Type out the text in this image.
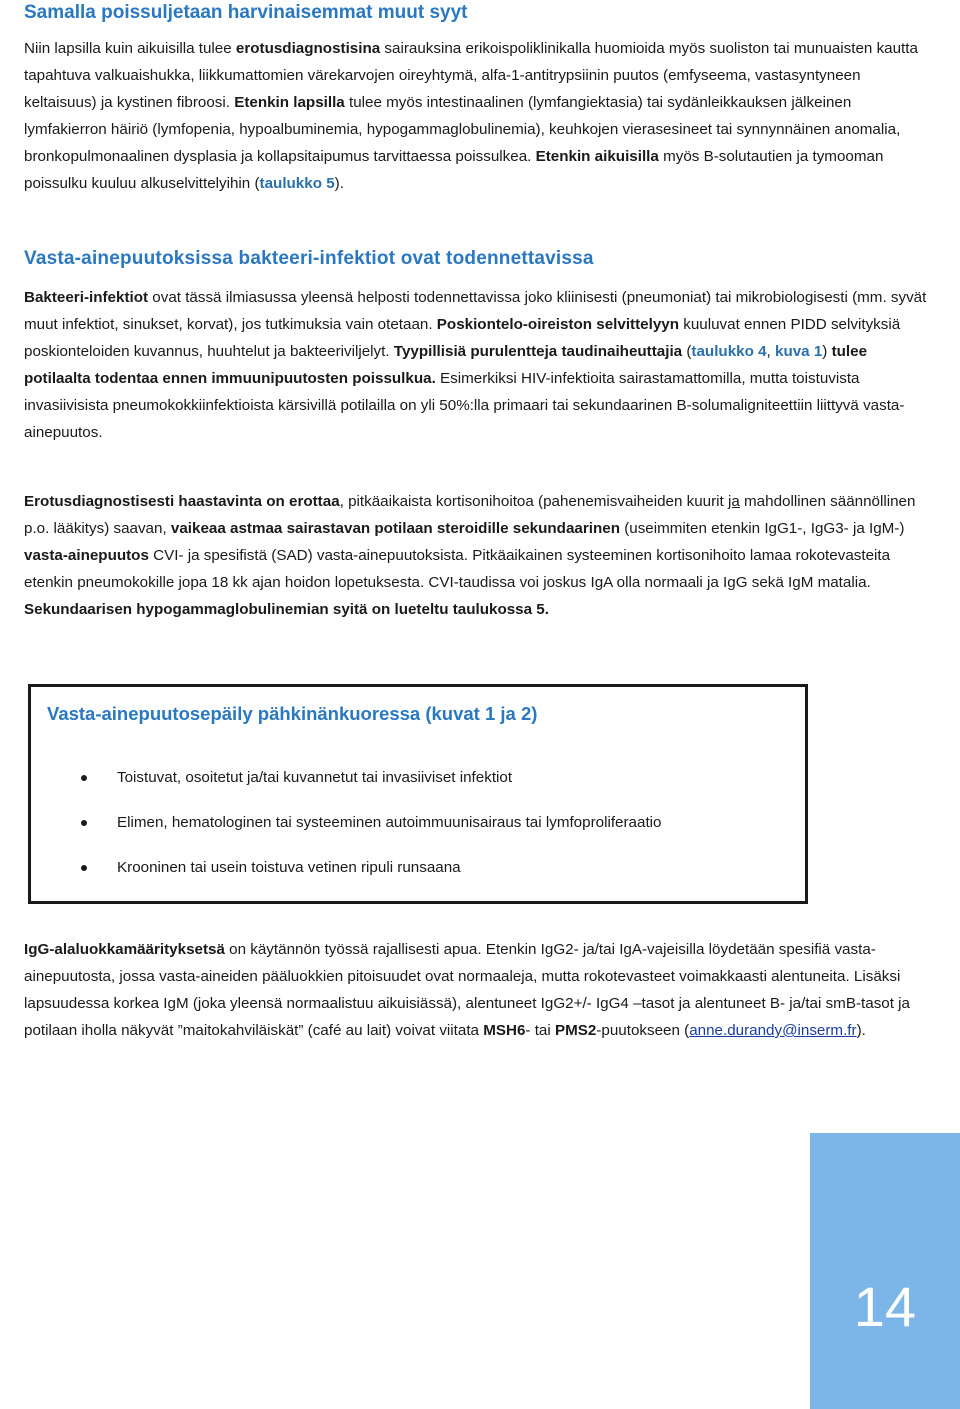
Samalla poissuljetaan harvinaisemmat muut syyt

Niin lapsilla kuin aikuisilla tulee erotusdiagnostisina sairauksina erikoispoliklinikalla huomioida myös suoliston tai munuaisten kautta tapahtuva valkuaishukka, liikkumattomien värekarvojen oireyhtymä, alfa-1-antitrypsiinin puutos (emfyseema, vastasyntyneen keltaisuus) ja kystinen fibroosi. Etenkin lapsilla tulee myös intestinaalinen (lymfangiektasia) tai sydänleikkauksen jälkeinen lymfakierron häiriö (lymfopenia, hypoalbuminemia, hypogammaglobulinemia), keuhkojen vierasesineet tai synnynnäinen anomalia, bronkopulmonaalinen dysplasia ja kollapsitaipumus tarvittaessa poissulkea. Etenkin aikuisilla myös B-solutautien ja tymooman poissulku kuuluu alkuselvittelyihin (taulukko 5).

Vasta-ainepuutoksissa bakteeri-infektiot ovat todennettavissa

Bakteeri-infektiot ovat tässä ilmiasussa yleensä helposti todennettavissa joko kliinisesti (pneumoniat) tai mikrobiologisesti (mm. syvät muut infektiot, sinukset, korvat), jos tutkimuksia vain otetaan. Poskiontelo-oireiston selvittelyyn kuuluvat ennen PIDD selvityksiä poskionteloiden kuvannus, huuhtelut ja bakteeriviljelyt. Tyypillisiä purulentteja taudinaiheuttajia (taulukko 4, kuva 1) tulee potilaalta todentaa ennen immuunipuutosten poissulkua. Esimerkiksi HIV-infektioita sairastamattomilla, mutta toistuvista invasiivisista pneumokokkiinfektioista kärsivillä potilailla on yli 50%:lla primaari tai sekundaarinen B-solumaligniteettiin liittyvä vasta-ainepuutos.

Erotusdiagnostisesti haastavinta on erottaa, pitkäaikaista kortisonihoitoa (pahenemisvaiheiden kuurit ja mahdollinen säännöllinen p.o. lääkitys) saavan, vaikeaa astmaa sairastavan potilaan steroidille sekundaarinen (useimmiten etenkin IgG1-, IgG3- ja IgM-) vasta-ainepuutos CVI- ja spesifistä (SAD) vasta-ainepuutoksista. Pitkäaikainen systeeminen kortisonihoito lamaa rokotevasteita etenkin pneumokokille jopa 18 kk ajan hoidon lopetuksesta. CVI-taudissa voi joskus IgA olla normaali ja IgG sekä IgM matalia. Sekundaarisen hypogammaglobulinemian syitä on lueteltu taulukossa 5.

Vasta-ainepuutosepäily pähkinänkuoressa (kuvat 1 ja 2)
Toistuvat, osoitetut ja/tai kuvannetut tai invasiiviset infektiot
Elimen, hematologinen tai systeeminen autoimmuunisairaus tai lymfoproliferaatio
Krooninen tai usein toistuva vetinen ripuli runsaana

IgG-alaluokkamäärityksetsä on käytännön työssä rajallisesti apua. Etenkin IgG2- ja/tai IgA-vajeisilla löydetään spesifiä vasta-ainepuutosta, jossa vasta-aineiden pääluokkien pitoisuudet ovat normaaleja, mutta rokotevasteet voimakkaasti alentuneita. Lisäksi lapsuudessa korkea IgM (joka yleensä normaalistuu aikuisiässä), alentuneet IgG2+/- IgG4 –tasot ja alentuneet B- ja/tai smB-tasot ja potilaan iholla näkyvät ”maitokahviläiskät” (café au lait) voivat viitata MSH6- tai PMS2-puutokseen (anne.durandy@inserm.fr).

14
